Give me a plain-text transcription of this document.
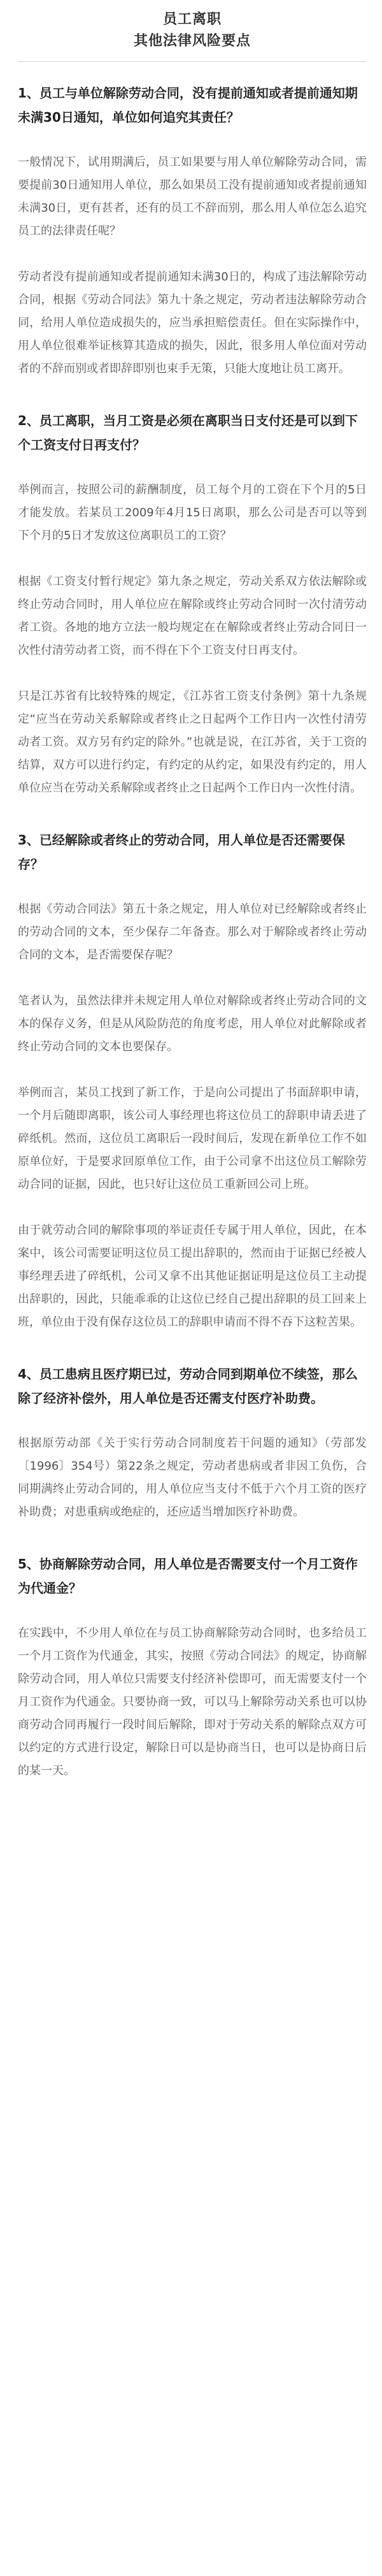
员工离职
其他法律风险要点
1、员工与单位解除劳动合同，没有提前通知或者提前通知期未满30日通知，单位如何追究其责任？
一般情况下，试用期满后，员工如果要与用人单位解除劳动合同，需要提前30日通知用人单位，那么如果员工没有提前通知或者提前通知未满30日，更有甚者，还有的员工不辞而别，那么用人单位怎么追究员工的法律责任呢？
劳动者没有提前通知或者提前通知未满30日的，构成了违法解除劳动合同，根据《劳动合同法》第九十条之规定，劳动者违法解除劳动合同，给用人单位造成损失的，应当承担赔偿责任。但在实际操作中，用人单位很难举证核算其造成的损失，因此，很多用人单位面对劳动者的不辞而别或者即辞即别也束手无策，只能大度地让员工离开。
2、员工离职，当月工资是必须在离职当日支付还是可以到下个工资支付日再支付？
举例而言，按照公司的薪酬制度，员工每个月的工资在下个月的5日才能发放。若某员工2009年4月15日离职，那么公司是否可以等到下个月的5日才发放这位离职员工的工资？
根据《工资支付暂行规定》第九条之规定，劳动关系双方依法解除或终止劳动合同时，用人单位应在解除或终止劳动合同时一次付清劳动者工资。各地的地方立法一般均规定在在解除或者终止劳动合同日一次性付清劳动者工资，而不得在下个工资支付日再支付。
只是江苏省有比较特殊的规定，《江苏省工资支付条例》第十九条规定“应当在劳动关系解除或者终止之日起两个工作日内一次性付清劳动者工资。双方另有约定的除外。”也就是说，在江苏省，关于工资的结算，双方可以进行约定，有约定的从约定，如果没有约定的，用人单位应当在劳动关系解除或者终止之日起两个工作日内一次性付清。
3、已经解除或者终止的劳动合同，用人单位是否还需要保存？
根据《劳动合同法》第五十条之规定，用人单位对已经解除或者终止的劳动合同的文本，至少保存二年备查。那么对于解除或者终止劳动合同的文本，是否需要保存呢？
笔者认为，虽然法律并未规定用人单位对解除或者终止劳动合同的文本的保存义务，但是从风险防范的角度考虑，用人单位对此解除或者终止劳动合同的文本也要保存。
举例而言，某员工找到了新工作，于是向公司提出了书面辞职申请，一个月后随即离职，该公司人事经理也将这位员工的辞职申请丢进了碎纸机。然而，这位员工离职后一段时间后，发现在新单位工作不如原单位好，于是要求回原单位工作，由于公司拿不出这位员工解除劳动合同的证据，因此，也只好让这位员工重新回公司上班。
由于就劳动合同的解除事项的举证责任专属于用人单位，因此，在本案中，该公司需要证明这位员工提出辞职的，然而由于证据已经被人事经理丢进了碎纸机，公司又拿不出其他证据证明是这位员工主动提出辞职的，因此，只能乖乖的让这位已经自己提出辞职的员工回来上班，单位由于没有保存这位员工的辞职申请而不得不吞下这粒苦果。
4、员工患病且医疗期已过，劳动合同到期单位不续签，那么除了经济补偿外，用人单位是否还需支付医疗补助费。
根据原劳动部《关于实行劳动合同制度若干问题的通知》（劳部发〔1996〕354号）第22条之规定，劳动者患病或者非因工负伤，合同期满终止劳动合同的，用人单位应当支付不低于六个月工资的医疗补助费；对患重病或绝症的，还应适当增加医疗补助费。
5、协商解除劳动合同，用人单位是否需要支付一个月工资作为代通金？
在实践中，不少用人单位在与员工协商解除劳动合同时，也多给员工一个月工资作为代通金，其实，按照《劳动合同法》的规定，协商解除劳动合同，用人单位只需要支付经济补偿即可，而无需要支付一个月工资作为代通金。只要协商一致，可以马上解除劳动关系也可以协商劳动合同再履行一段时间后解除，即对于劳动关系的解除点双方可以约定的方式进行设定，解除日可以是协商当日，也可以是协商日后的某一天。
